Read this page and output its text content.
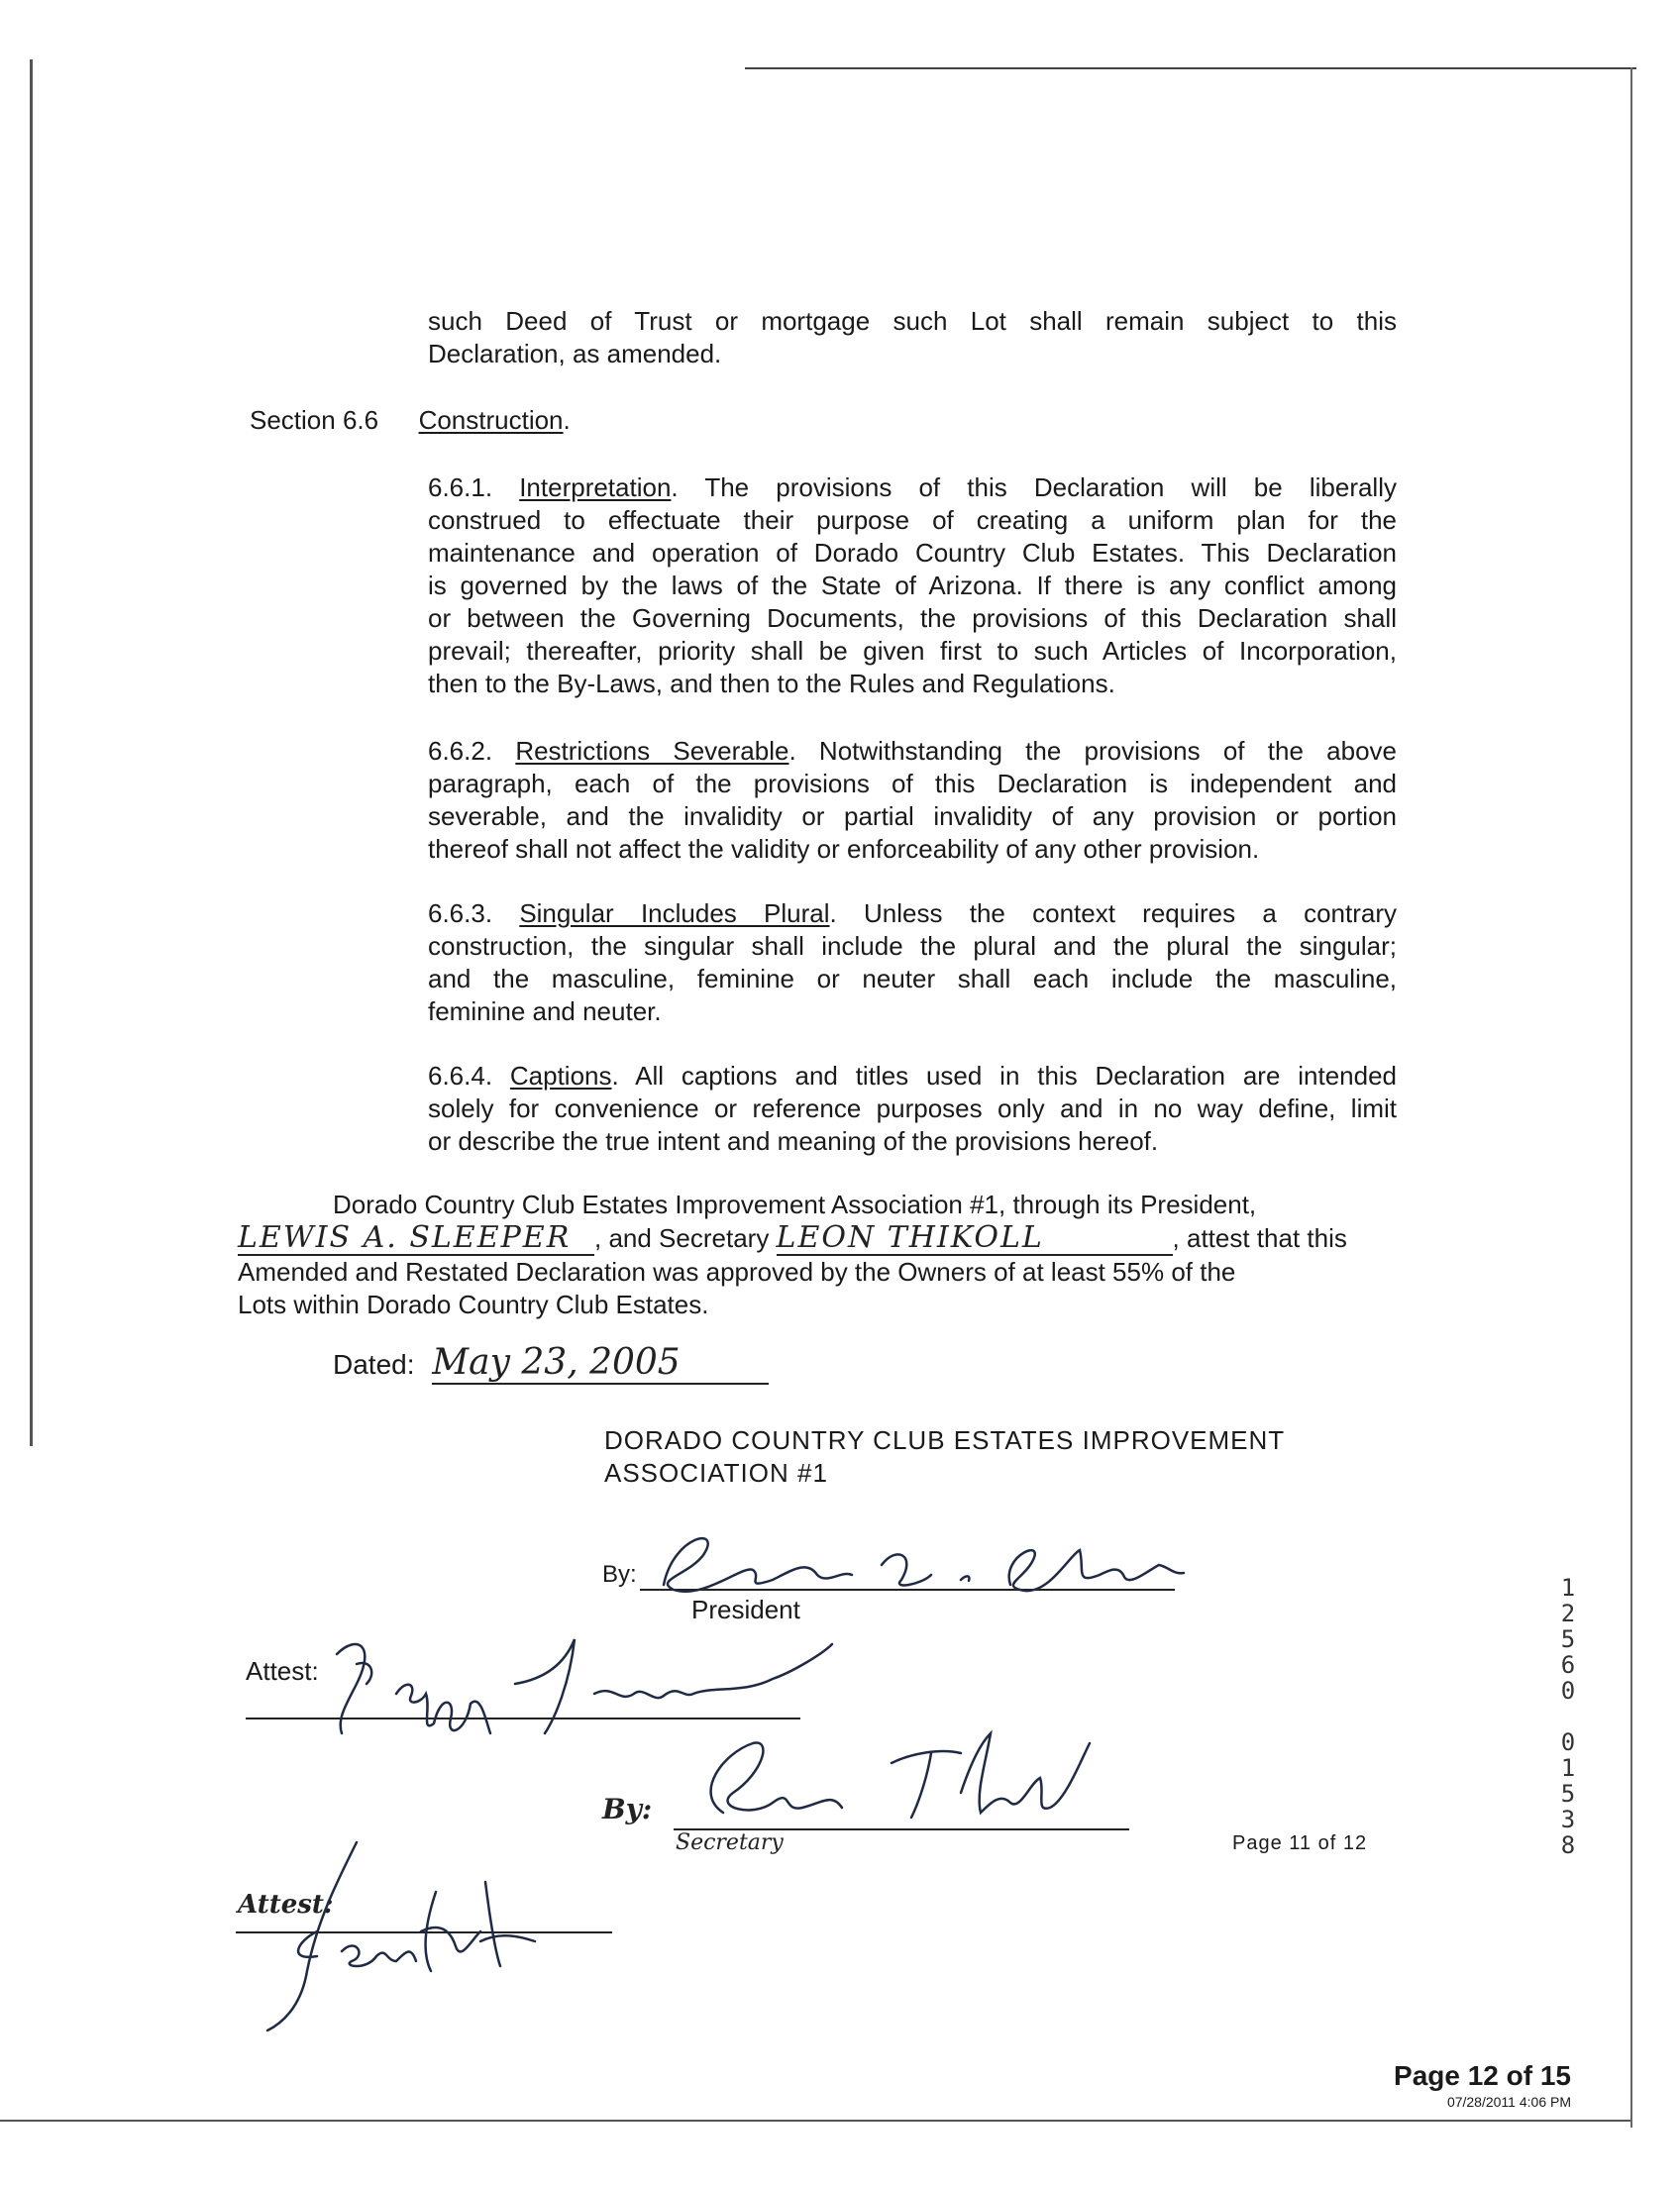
such Deed of Trust or mortgage such Lot shall remain subject to this
Declaration, as amended.
Section 6.6 Construction.
6.6.1. Interpretation. The provisions of this Declaration will be liberally
construed to effectuate their purpose of creating a uniform plan for the
maintenance and operation of Dorado Country Club Estates. This Declaration
is governed by the laws of the State of Arizona. If there is any conflict among
or between the Governing Documents, the provisions of this Declaration shall
prevail; thereafter, priority shall be given first to such Articles of Incorporation,
then to the By-Laws, and then to the Rules and Regulations.
6.6.2. Restrictions Severable. Notwithstanding the provisions of the above
paragraph, each of the provisions of this Declaration is independent and
severable, and the invalidity or partial invalidity of any provision or portion
thereof shall not affect the validity or enforceability of any other provision.
6.6.3. Singular Includes Plural. Unless the context requires a contrary
construction, the singular shall include the plural and the plural the singular;
and the masculine, feminine or neuter shall each include the masculine,
feminine and neuter.
6.6.4. Captions. All captions and titles used in this Declaration are intended
solely for convenience or reference purposes only and in no way define, limit
or describe the true intent and meaning of the provisions hereof.
Dorado Country Club Estates Improvement Association #1, through its President,
LEWIS A. SLEEPER , and Secretary LEON THIKOLL	, attest that this
Amended and Restated Declaration was approved by the Owners of at least 55% of the
Lots within Dorado Country Club Estates.
Dated: May 23, 2005
DORADO COUNTRY CLUB ESTATES IMPROVEMENT
ASSOCIATION #1
By:
President
Attest:
By:
Secretary	Page 11 of 12
Attest:
1
2
5
6
0
0
1
5
3
8
Page 12 of 15
07/28/2011 4:06 PM
